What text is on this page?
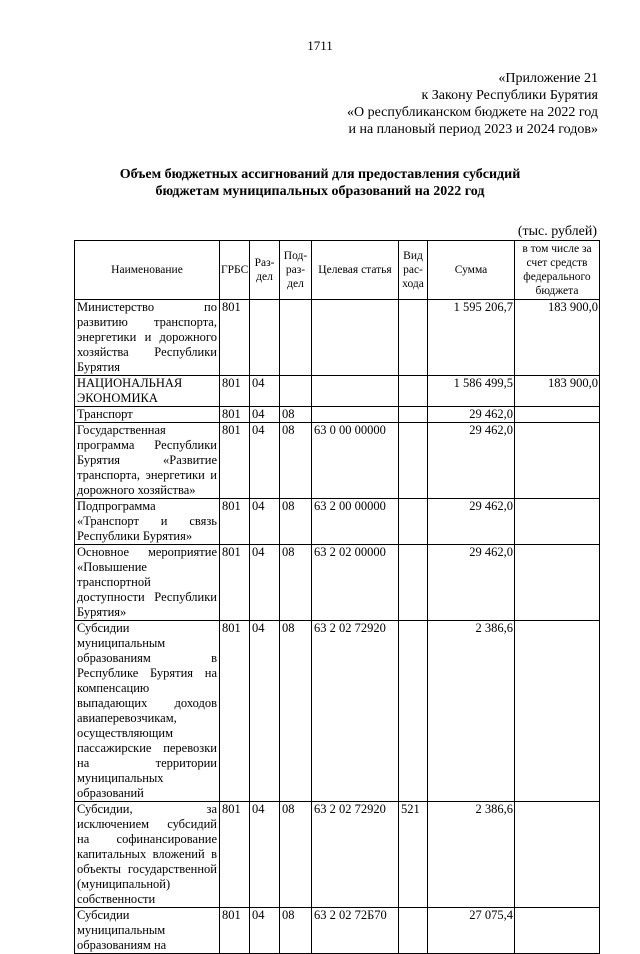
1711
«Приложение 21
к Закону Республики Бурятия
«О республиканском бюджете на 2022 год
и на плановый период 2023 и 2024 годов»
Объем бюджетных ассигнований для предоставления субсидий
бюджетам муниципальных образований на 2022 год
(тыс. рублей)
Наименование	ГРБС	Раз-дел	Под-раз-дел	Целевая статья	Вид рас-хода	Сумма	в том числе за счет средств федерального бюджета
Министерство по развитию транспорта, энергетики и дорожного хозяйства Республики Бурятия	801					1 595 206,7	183 900,0
НАЦИОНАЛЬНАЯ ЭКОНОМИКА	801	04				1 586 499,5	183 900,0
Транспорт	801	04	08			29 462,0	
Государственная программа Республики Бурятия «Развитие транспорта, энергетики и дорожного хозяйства»	801	04	08	63 0 00 00000		29 462,0	
Подпрограмма «Транспорт и связь Республики Бурятия»	801	04	08	63 2 00 00000		29 462,0	
Основное мероприятие «Повышение транспортной доступности Республики Бурятия»	801	04	08	63 2 02 00000		29 462,0	
Субсидии муниципальным образованиям в Республике Бурятия на компенсацию выпадающих доходов авиаперевозчикам, осуществляющим пассажирские перевозки на территории муниципальных образований	801	04	08	63 2 02 72920		2 386,6	
Субсидии, за исключением субсидий на софинансирование капитальных вложений в объекты государственной (муниципальной) собственности	801	04	08	63 2 02 72920	521	2 386,6	
Субсидии муниципальным образованиям на	801	04	08	63 2 02 72Б70		27 075,4	
